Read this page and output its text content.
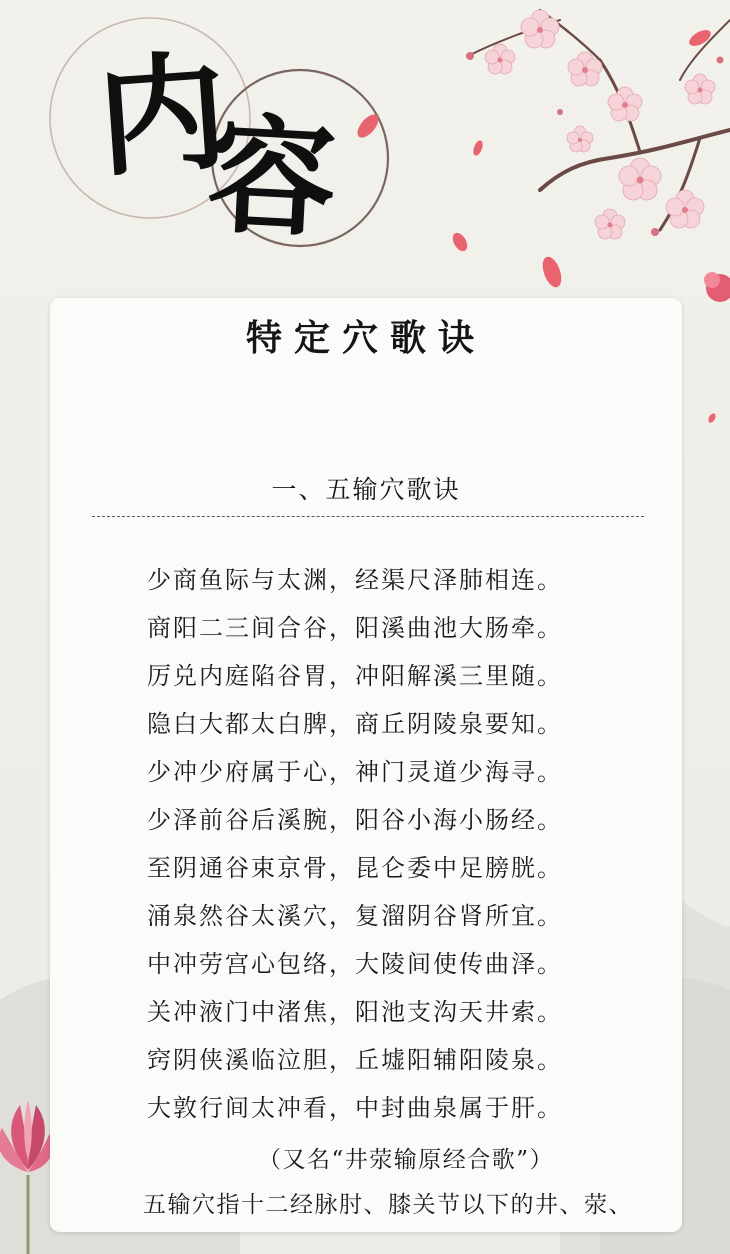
内
容
特定穴歌诀
一、五输穴歌诀
少商鱼际与太渊，经渠尺泽肺相连。
商阳二三间合谷，阳溪曲池大肠牵。
厉兑内庭陷谷胃，冲阳解溪三里随。
隐白大都太白脾，商丘阴陵泉要知。
少冲少府属于心，神门灵道少海寻。
少泽前谷后溪腕，阳谷小海小肠经。
至阴通谷束京骨，昆仑委中足膀胱。
涌泉然谷太溪穴，复溜阴谷肾所宜。
中冲劳宫心包络，大陵间使传曲泽。
关冲液门中渚焦，阳池支沟天井索。
窍阴侠溪临泣胆，丘墟阳辅阳陵泉。
大敦行间太冲看，中封曲泉属于肝。
（又名“井荥输原经合歌”）
五输穴指十二经脉肘、膝关节以下的井、荥、
